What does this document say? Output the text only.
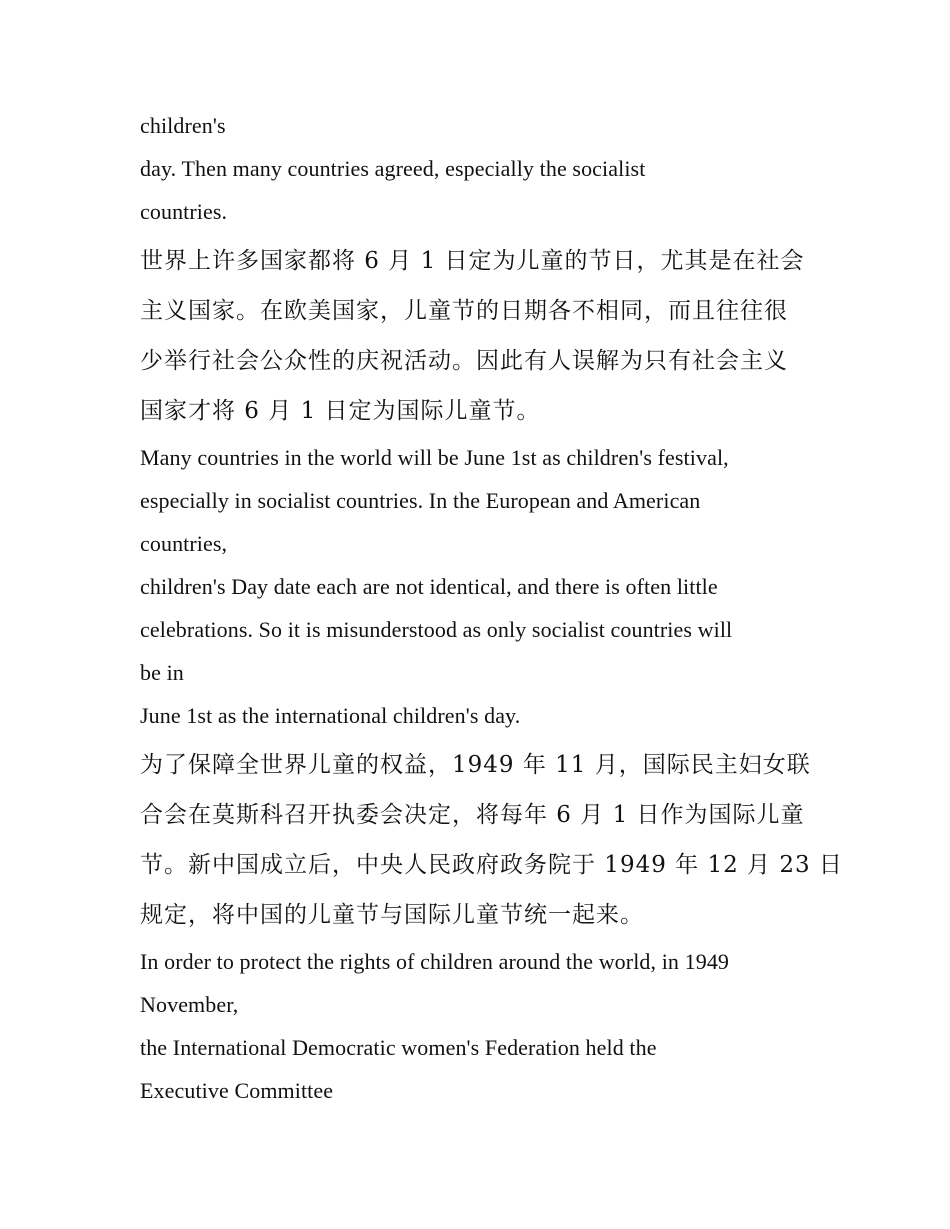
children's
day. Then many countries agreed, especially the socialist
countries.
世界上许多国家都将 6 月 1 日定为儿童的节日，尤其是在社会
主义国家。在欧美国家，儿童节的日期各不相同，而且往往很
少举行社会公众性的庆祝活动。因此有人误解为只有社会主义
国家才将 6 月 1 日定为国际儿童节。
Many countries in the world will be June 1st as children's festival,
especially in socialist countries. In the European and American
countries,
children's Day date each are not identical, and there is often little
celebrations. So it is misunderstood as only socialist countries will
be in
June 1st as the international children's day.
为了保障全世界儿童的权益，1949 年 11 月，国际民主妇女联
合会在莫斯科召开执委会决定，将每年 6 月 1 日作为国际儿童
节。新中国成立后，中央人民政府政务院于 1949 年 12 月 23 日
规定，将中国的儿童节与国际儿童节统一起来。
In order to protect the rights of children around the world, in 1949
November,
the International Democratic women's Federation held the
Executive Committee
